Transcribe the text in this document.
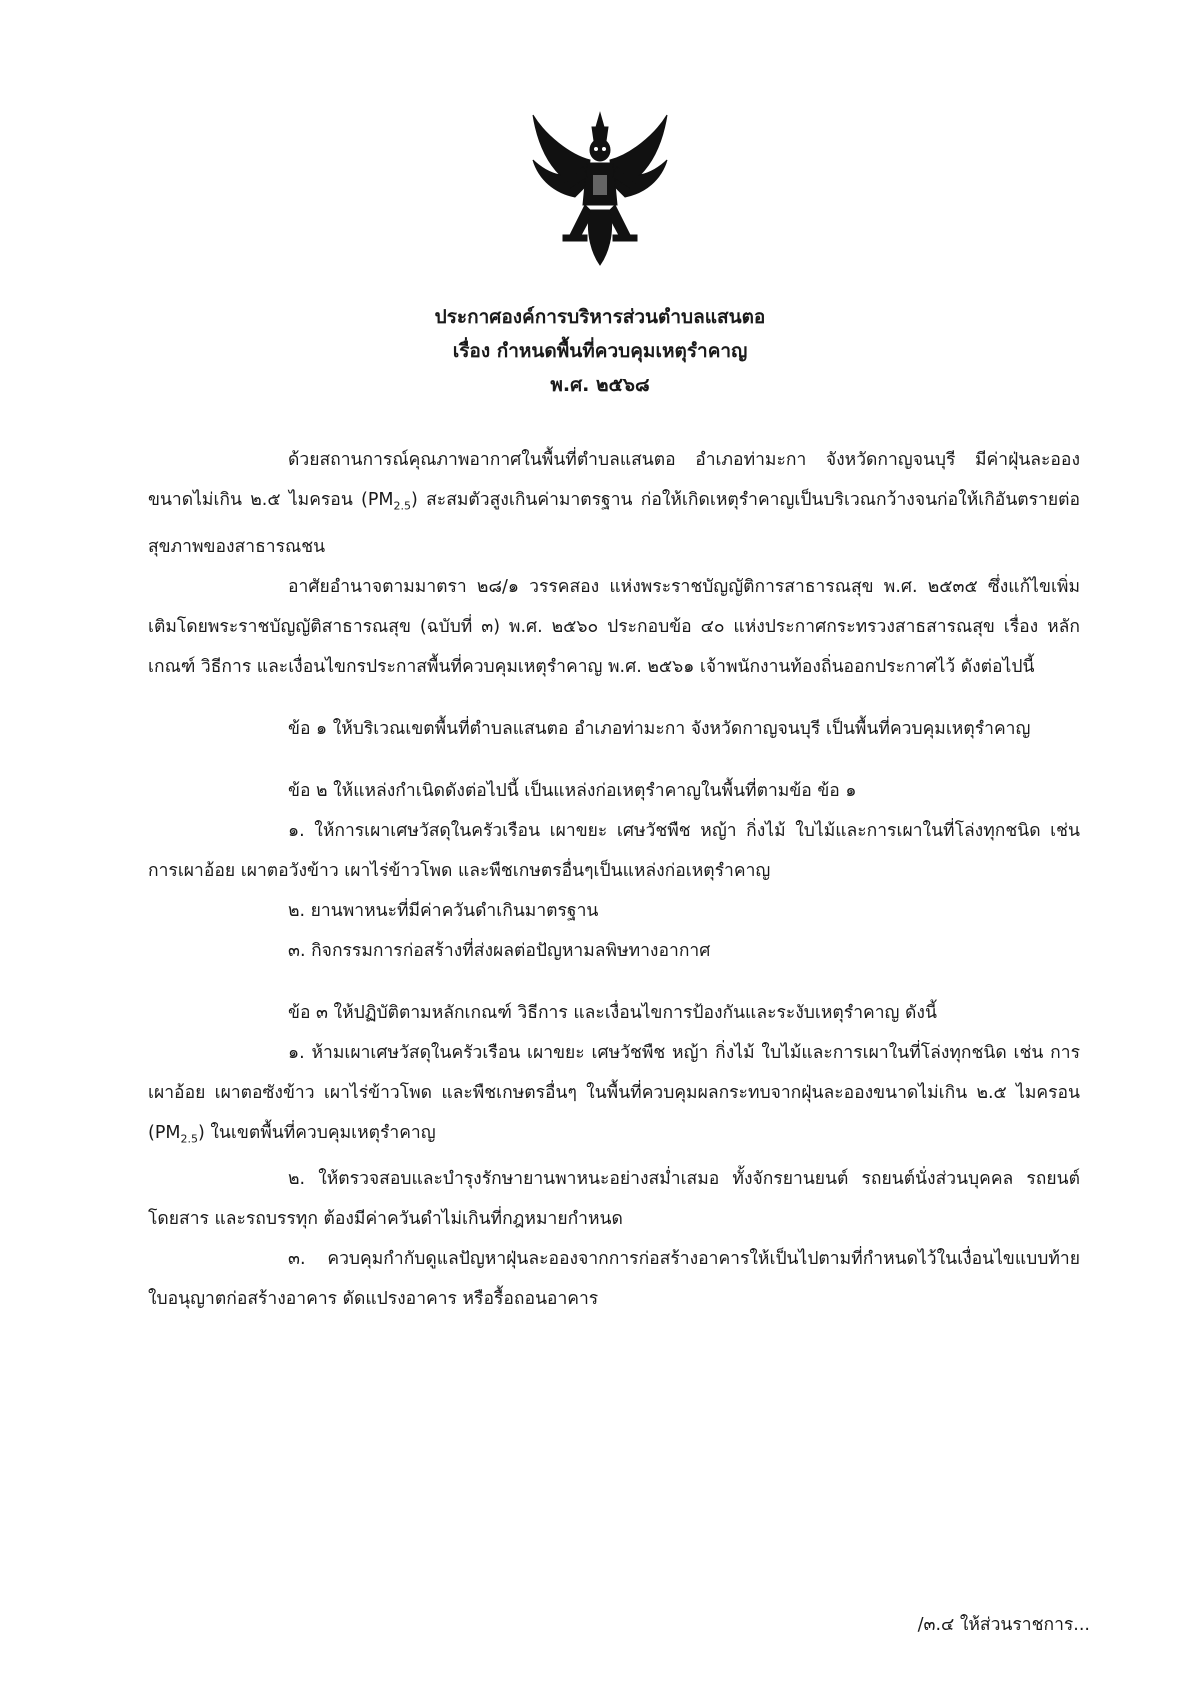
ประกาศองค์การบริหารส่วนตำบลแสนตอ
เรื่อง กำหนดพื้นที่ควบคุมเหตุรำคาญ
พ.ศ. ๒๕๖๘

ด้วยสถานการณ์คุณภาพอากาศในพื้นที่ตำบลแสนตอ อำเภอท่ามะกา จังหวัดกาญจนบุรี มีค่าฝุ่นละอองขนาดไม่เกิน ๒.๕ ไมครอน $(PM_{2.5})$ สะสมตัวสูงเกินค่ามาตรฐาน ก่อให้เกิดเหตุรำคาญเป็นบริเวณกว้างจนก่อให้เกิอันตรายต่อสุขภาพของสาธารณชน

อาศัยอำนาจตามมาตรา ๒๘/๑ วรรคสอง แห่งพระราชบัญญัติการสาธารณสุข พ.ศ. ๒๕๓๕ ซึ่งแก้ไขเพิ่มเติมโดยพระราชบัญญัติสาธารณสุข (ฉบับที่ ๓) พ.ศ. ๒๕๖๐ ประกอบข้อ ๔๐ แห่งประกาศกระทรวงสาธสารณสุข เรื่อง หลักเกณฑ์ วิธีการ และเงื่อนไขกรประกาสพื้นที่ควบคุมเหตุรำคาญ พ.ศ. ๒๕๖๑ เจ้าพนักงานท้องถิ่นออกประกาศไว้ ดังต่อไปนี้

ข้อ ๑ ให้บริเวณเขตพื้นที่ตำบลแสนตอ อำเภอท่ามะกา จังหวัดกาญจนบุรี เป็นพื้นที่ควบคุมเหตุรำคาญ

ข้อ ๒ ให้แหล่งกำเนิดดังต่อไปนี้ เป็นแหล่งก่อเหตุรำคาญในพื้นที่ตามข้อ ข้อ ๑

๑. ให้การเผาเศษวัสดุในครัวเรือน เผาขยะ เศษวัชพืช หญ้า กิ่งไม้ ใบไม้และการเผาในที่โล่งทุกชนิด เช่น การเผาอ้อย เผาตอวังข้าว เผาไร่ข้าวโพด และพืชเกษตรอื่นๆเป็นแหล่งก่อเหตุรำคาญ

๒. ยานพาหนะที่มีค่าควันดำเกินมาตรฐาน

๓. กิจกรรมการก่อสร้างที่ส่งผลต่อปัญหามลพิษทางอากาศ

ข้อ ๓ ให้ปฏิบัติตามหลักเกณฑ์ วิธีการ และเงื่อนไขการป้องกันและระงับเหตุรำคาญ ดังนี้

๑. ห้ามเผาเศษวัสดุในครัวเรือน เผาขยะ เศษวัชพืช หญ้า กิ่งไม้ ใบไม้และการเผาในที่โล่งทุกชนิด เช่น การเผาอ้อย เผาตอซังข้าว เผาไร่ข้าวโพด และพืชเกษตรอื่นๆ ในพื้นที่ควบคุมผลกระทบจากฝุ่นละอองขนาดไม่เกิน ๒.๕ ไมครอน $(PM_{2.5})$ ในเขตพื้นที่ควบคุมเหตุรำคาญ

๒. ให้ตรวจสอบและบำรุงรักษายานพาหนะอย่างสม่ำเสมอ ทั้งจักรยานยนต์ รถยนต์นั่งส่วนบุคคล รถยนต์โดยสาร และรถบรรทุก ต้องมีค่าควันดำไม่เกินที่กฎหมายกำหนด

๓. ควบคุมกำกับดูแลปัญหาฝุ่นละอองจากการก่อสร้างอาคารให้เป็นไปตามที่กำหนดไว้ในเงื่อนไขแบบท้ายใบอนุญาตก่อสร้างอาคาร ดัดแปรงอาคาร หรือรื้อถอนอาคาร

/๓.๔ ให้ส่วนราชการ...
